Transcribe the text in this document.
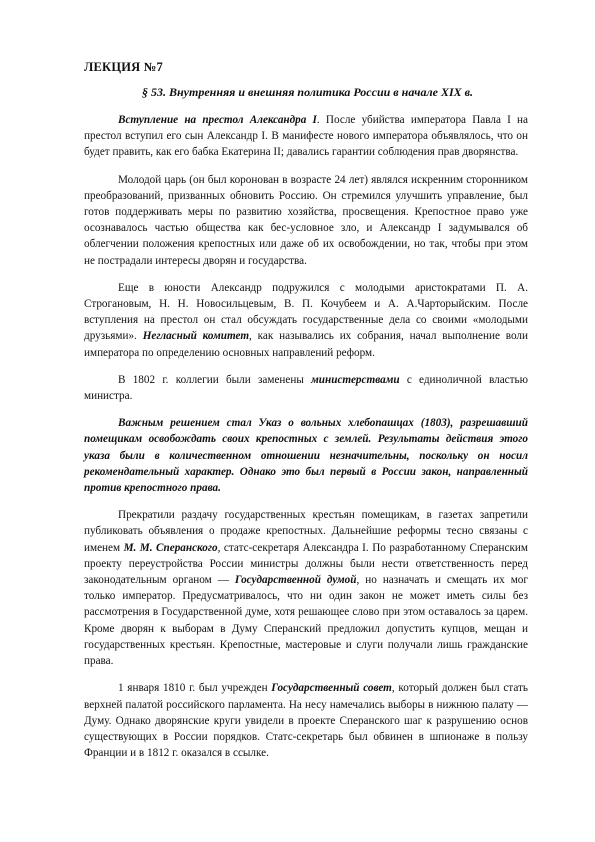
ЛЕКЦИЯ №7
§ 53. Внутренняя и внешняя политика России в начале XIX в.

Вступление на престол Александра I. После убийства императора Павла I на престол вступил его сын Александр I. В манифесте нового императора объявлялось, что он будет править, как его бабка Екатерина II; давались гарантии соблюдения прав дворянства.

Молодой царь (он был коронован в возрасте 24 лет) являлся искренним сторонником преобразований, призванных обновить Россию. Он стремился улучшить управление, был готов поддерживать меры по развитию хозяйства, просвещения. Крепостное право уже осознавалось частью общества как бес-условное зло, и Александр I задумывался об облегчении положения крепостных или даже об их освобождении, но так, чтобы при этом не пострадали интересы дворян и государства.

Еще в юности Александр подружился с молодыми аристократами П. А. Строгановым, Н. Н. Новосильцевым, В. П. Кочубеем и А. А.Чарторыйским. После вступления на престол он стал обсуждать государственные дела со своими «молодыми друзьями». Негласный комитет, как назывались их собрания, начал выполнение воли императора по определению основных направлений реформ.

В 1802 г. коллегии были заменены министерствами с единоличной властью министра.

Важным решением стал Указ о вольных хлебопашцах (1803), разрешавший помещикам освобождать своих крепостных с землей. Результаты действия этого указа были в количественном отношении незначительны, поскольку он носил рекомендательный характер. Однако это был первый в России закон, направленный против крепостного права.

Прекратили раздачу государственных крестьян помещикам, в газетах запретили публиковать объявления о продаже крепостных. Дальнейшие реформы тесно связаны с именем М. М. Сперанского, статс-секретаря Александра I. По разработанному Сперанским проекту переустройства России министры должны были нести ответственность перед законодательным органом — Государственной думой, но назначать и смещать их мог только император. Предусматривалось, что ни один закон не может иметь силы без рассмотрения в Государственной думе, хотя решающее слово при этом оставалось за царем. Кроме дворян к выборам в Думу Сперанский предложил допустить купцов, мещан и государственных крестьян. Крепостные, мастеровые и слуги получали лишь гражданские права.

1 января 1810 г. был учрежден Государственный совет, который должен был стать верхней палатой российского парламента. На несу намечались выборы в нижнюю палату — Думу. Однако дворянские круги увидели в проекте Сперанского шаг к разрушению основ существующих в России порядков. Статс-секретарь был обвинен в шпионаже в пользу Франции и в 1812 г. оказался в ссылке.
